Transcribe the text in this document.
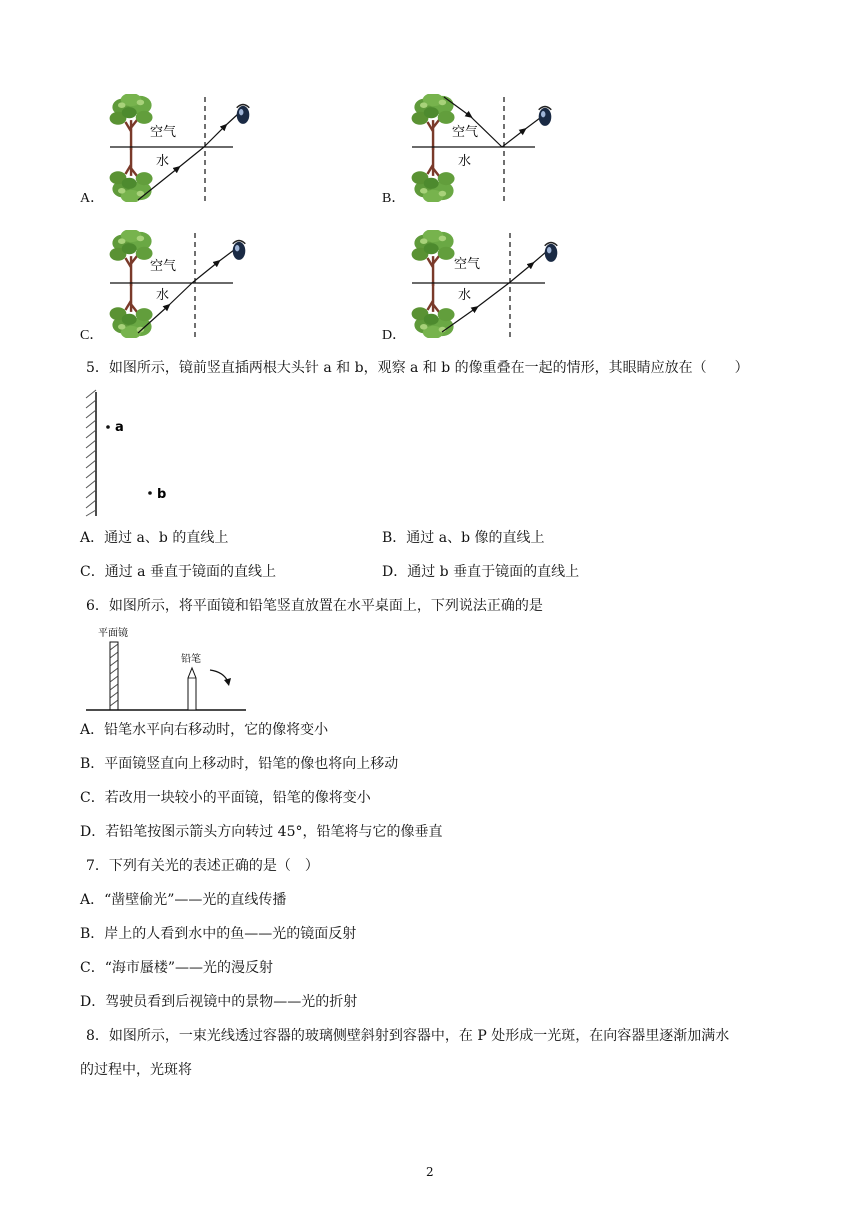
A．
空气
水
B．
空气
水
C．
空气
水
D．
空气
水
5．如图所示，镜前竖直插两根大头针 a 和 b，观察 a 和 b 的像重叠在一起的情形，其眼睛应放在（　　）
a
b
A．通过 a、b 的直线上	B．通过 a、b 像的直线上
C．通过 a 垂直于镜面的直线上	D．通过 b 垂直于镜面的直线上
6．如图所示，将平面镜和铅笔竖直放置在水平桌面上，下列说法正确的是
平面镜
铅笔
A．铅笔水平向右移动时，它的像将变小
B．平面镜竖直向上移动时，铅笔的像也将向上移动
C．若改用一块较小的平面镜，铅笔的像将变小
D．若铅笔按图示箭头方向转过 45°，铅笔将与它的像垂直
7．下列有关光的表述正确的是（　）
A．“凿壁偷光”——光的直线传播
B．岸上的人看到水中的鱼——光的镜面反射
C．“海市蜃楼”——光的漫反射
D．驾驶员看到后视镜中的景物——光的折射
8．如图所示，一束光线透过容器的玻璃侧壁斜射到容器中，在 P 处形成一光斑，在向容器里逐渐加满水
的过程中，光斑将
2
